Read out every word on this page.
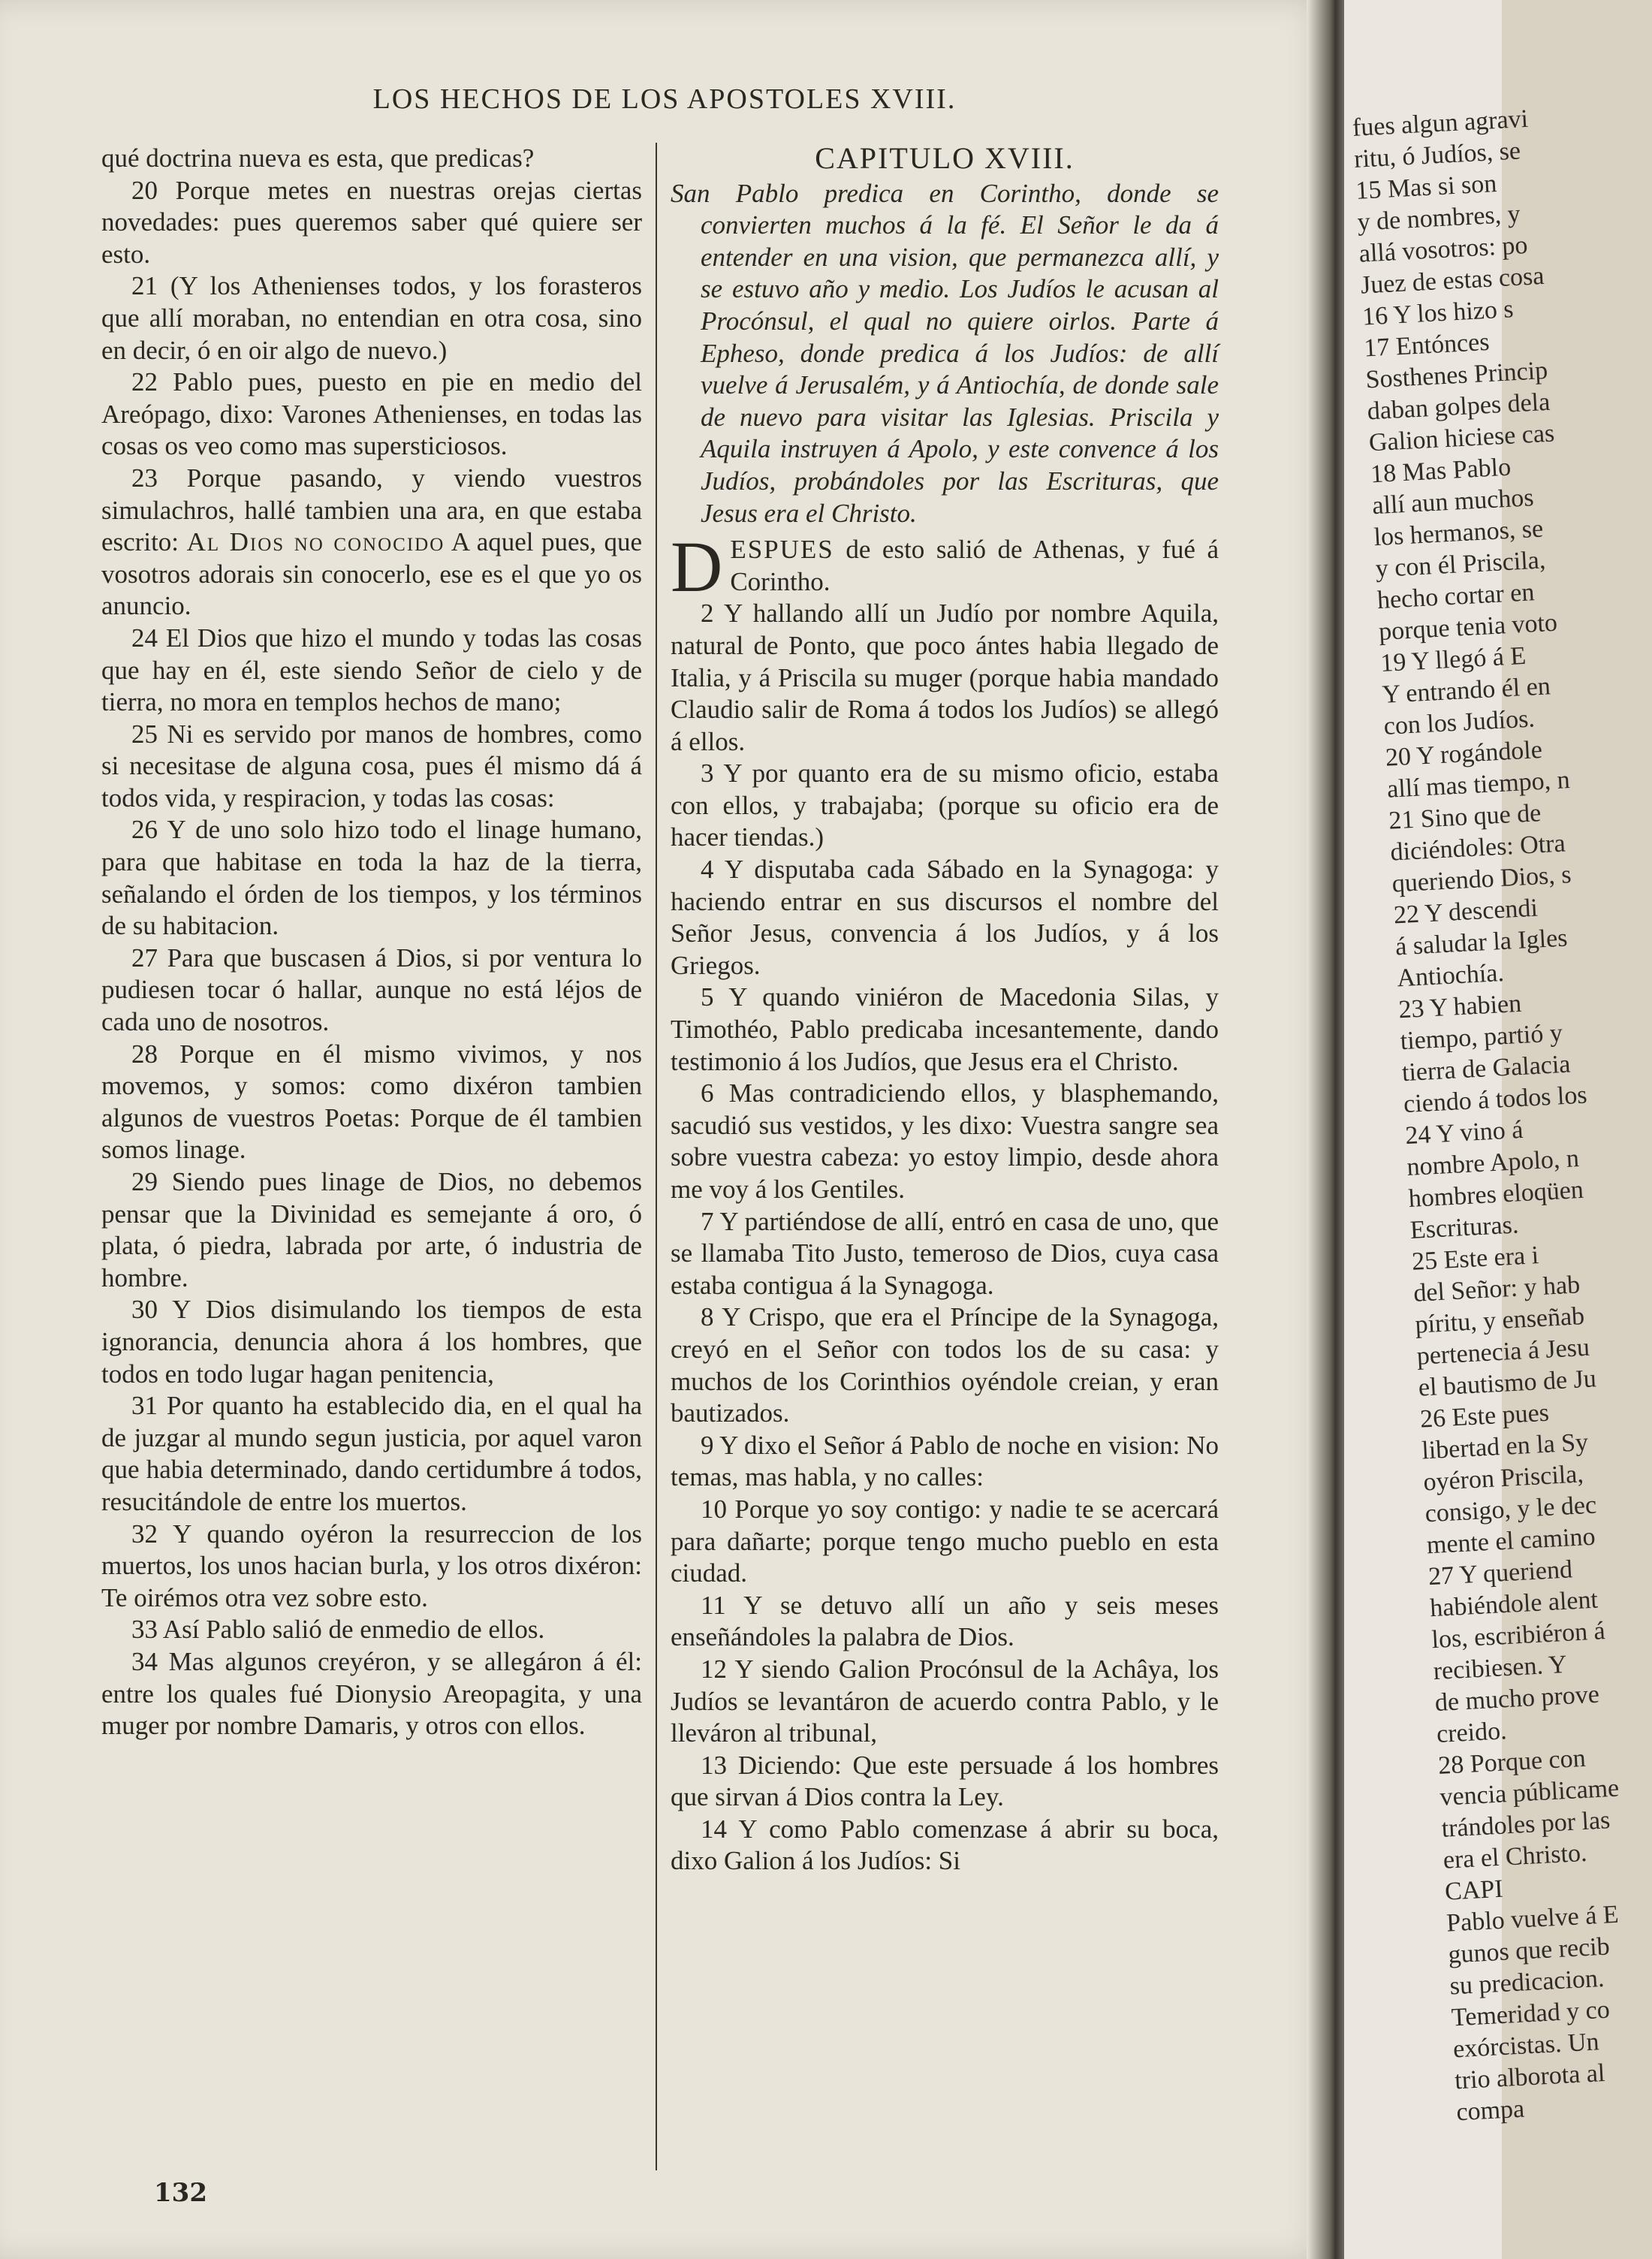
LOS HECHOS DE LOS APOSTOLES XVIII.

qué doctrina nueva es esta, que predicas?

20 Porque metes en nuestras orejas ciertas novedades: pues queremos saber qué quiere ser esto.

21 (Y los Athenienses todos, y los forasteros que allí moraban, no entendian en otra cosa, sino en decir, ó en oir algo de nuevo.)

22 Pablo pues, puesto en pie en medio del Areópago, dixo: Varones Athenienses, en todas las cosas os veo como mas supersticiosos.

23 Porque pasando, y viendo vuestros simulachros, hallé tambien una ara, en que estaba escrito: Al Dios no conocido A aquel pues, que vosotros adorais sin conocerlo, ese es el que yo os anuncio.

24 El Dios que hizo el mundo y todas las cosas que hay en él, este siendo Señor de cielo y de tierra, no mora en templos hechos de mano;

25 Ni es servido por manos de hombres, como si necesitase de alguna cosa, pues él mismo dá á todos vida, y respiracion, y todas las cosas:

26 Y de uno solo hizo todo el linage humano, para que habitase en toda la haz de la tierra, señalando el órden de los tiempos, y los términos de su habitacion.

27 Para que buscasen á Dios, si por ventura lo pudiesen tocar ó hallar, aunque no está léjos de cada uno de nosotros.

28 Porque en él mismo vivimos, y nos movemos, y somos: como dixéron tambien algunos de vuestros Poetas: Porque de él tambien somos linage.

29 Siendo pues linage de Dios, no debemos pensar que la Divinidad es semejante á oro, ó plata, ó piedra, labrada por arte, ó industria de hombre.

30 Y Dios disimulando los tiempos de esta ignorancia, denuncia ahora á los hombres, que todos en todo lugar hagan penitencia,

31 Por quanto ha establecido dia, en el qual ha de juzgar al mundo segun justicia, por aquel varon que habia determinado, dando certidumbre á todos, resucitándole de entre los muertos.

32 Y quando oyéron la resurreccion de los muertos, los unos hacian burla, y los otros dixéron: Te oirémos otra vez sobre esto.

33 Así Pablo salió de enmedio de ellos.

34 Mas algunos creyéron, y se allegáron á él: entre los quales fué Dionysio Areopagita, y una muger por nombre Damaris, y otros con ellos.

CAPITULO XVIII.

San Pablo predica en Corintho, donde se convierten muchos á la fé. El Señor le da á entender en una vision, que permanezca allí, y se estuvo año y medio. Los Judíos le acusan al Procónsul, el qual no quiere oirlos. Parte á Epheso, donde predica á los Judíos: de allí vuelve á Jerusalém, y á Antiochía, de donde sale de nuevo para visitar las Iglesias. Priscila y Aquila instruyen á Apolo, y este convence á los Judíos, probándoles por las Escrituras, que Jesus era el Christo.

DESPUES de esto salió de Athenas, y fué á Corintho.

2 Y hallando allí un Judío por nombre Aquila, natural de Ponto, que poco ántes habia llegado de Italia, y á Priscila su muger (porque habia mandado Claudio salir de Roma á todos los Judíos) se allegó á ellos.

3 Y por quanto era de su mismo oficio, estaba con ellos, y trabajaba; (porque su oficio era de hacer tiendas.)

4 Y disputaba cada Sábado en la Synagoga: y haciendo entrar en sus discursos el nombre del Señor Jesus, convencia á los Judíos, y á los Griegos.

5 Y quando viniéron de Macedonia Silas, y Timothéo, Pablo predicaba incesantemente, dando testimonio á los Judíos, que Jesus era el Christo.

6 Mas contradiciendo ellos, y blasphemando, sacudió sus vestidos, y les dixo: Vuestra sangre sea sobre vuestra cabeza: yo estoy limpio, desde ahora me voy á los Gentiles.

7 Y partiéndose de allí, entró en casa de uno, que se llamaba Tito Justo, temeroso de Dios, cuya casa estaba contigua á la Synagoga.

8 Y Crispo, que era el Príncipe de la Synagoga, creyó en el Señor con todos los de su casa: y muchos de los Corinthios oyéndole creian, y eran bautizados.

9 Y dixo el Señor á Pablo de noche en vision: No temas, mas habla, y no calles:

10 Porque yo soy contigo: y nadie te se acercará para dañarte; porque tengo mucho pueblo en esta ciudad.

11 Y se detuvo allí un año y seis meses enseñándoles la palabra de Dios.

12 Y siendo Galion Procónsul de la Achâya, los Judíos se levantáron de acuerdo contra Pablo, y le lleváron al tribunal,

13 Diciendo: Que este persuade á los hombres que sirvan á Dios contra la Ley.

14 Y como Pablo comenzase á abrir su boca, dixo Galion á los Judíos: Si

132

fues algun agravi

ritu, ó Judíos, se

15 Mas si son

y de nombres, y

allá vosotros: po

Juez de estas cosa

16 Y los hizo s

17 Entónces

Sosthenes Princip

daban golpes dela

Galion hiciese cas

18 Mas Pablo

allí aun muchos

los hermanos, se

y con él Priscila,

hecho cortar en

porque tenia voto

19 Y llegó á E

Y entrando él en

con los Judíos.

20 Y rogándole

allí mas tiempo, n

21 Sino que de

diciéndoles: Otra

queriendo Dios, s

22 Y descendi

á saludar la Igles

Antiochía.

23 Y habien

tiempo, partió y

tierra de Galacia

ciendo á todos los

24 Y vino á

nombre Apolo, n

hombres eloqüen

Escrituras.

25 Este era i

del Señor: y hab

píritu, y enseñab

pertenecia á Jesu

el bautismo de Ju

26 Este pues

libertad en la Sy

oyéron Priscila,

consigo, y le dec

mente el camino

27 Y queriend

habiéndole alent

los, escribiéron á

recibiesen. Y

de mucho prove

creido.

28 Porque con

vencia públicame

trándoles por las

era el Christo.

CAPI

Pablo vuelve á E

gunos que recib

su predicacion.

Temeridad y co

exórcistas. Un

trio alborota al

compa
